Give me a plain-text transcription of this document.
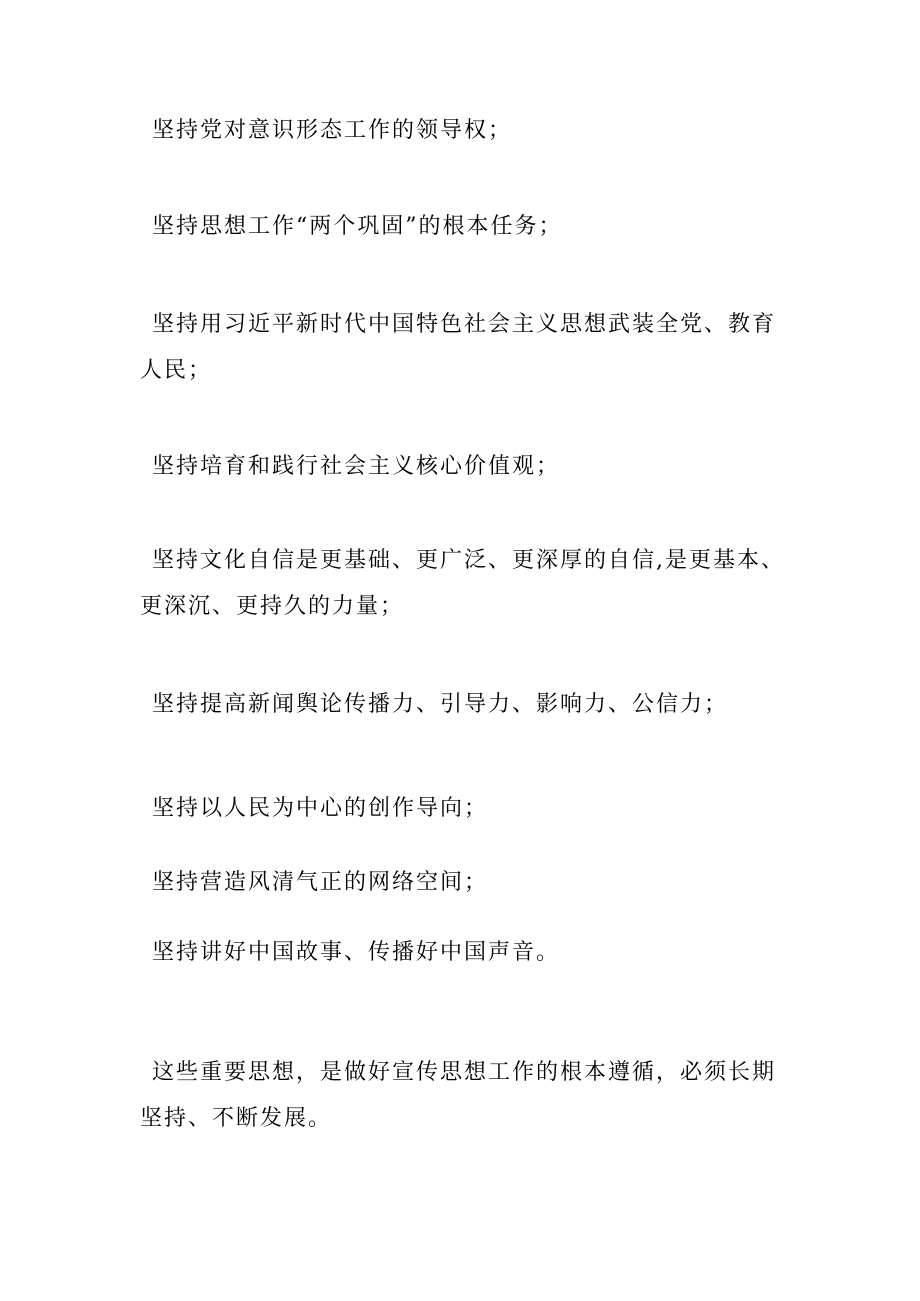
坚持党对意识形态工作的领导权；

坚持思想工作“两个巩固”的根本任务；

坚持用习近平新时代中国特色社会主义思想武装全党、教育人民；

坚持培育和践行社会主义核心价值观；

坚持文化自信是更基础、更广泛、更深厚的自信,是更基本、更深沉、更持久的力量；

坚持提高新闻舆论传播力、引导力、影响力、公信力；

坚持以人民为中心的创作导向；

坚持营造风清气正的网络空间；

坚持讲好中国故事、传播好中国声音。

这些重要思想，是做好宣传思想工作的根本遵循，必须长期坚持、不断发展。
